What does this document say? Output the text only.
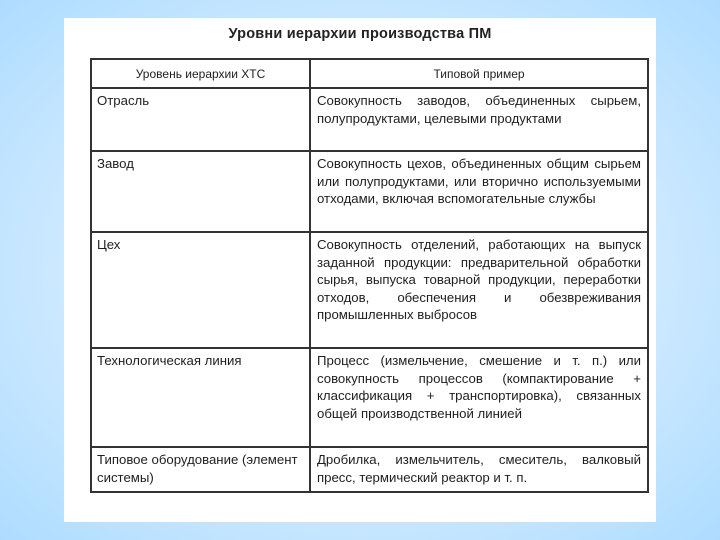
Уровни иерархии производства ПМ
Уровень иерархии ХТС	Типовой пример
Отрасль	Совокупность заводов, объединенных сырьем, полупродуктами, целевыми продуктами
Завод	Совокупность цехов, объединенных общим сырьем или полупродуктами, или вторично используемыми отходами, включая вспомогательные службы
Цех	Совокупность отделений, работающих на выпуск заданной продукции: предварительной обработки сырья, выпуска товарной продукции, переработки отходов, обеспечения и обезвреживания промышленных выбросов
Технологическая линия	Процесс (измельчение, смешение и т. п.) или совокупность процессов (компактирование + классификация + транспортировка), связанных общей производственной линией
Типовое оборудование (элемент системы)	Дробилка, измельчитель, смеситель, валковый пресс, термический реактор и т. п.
